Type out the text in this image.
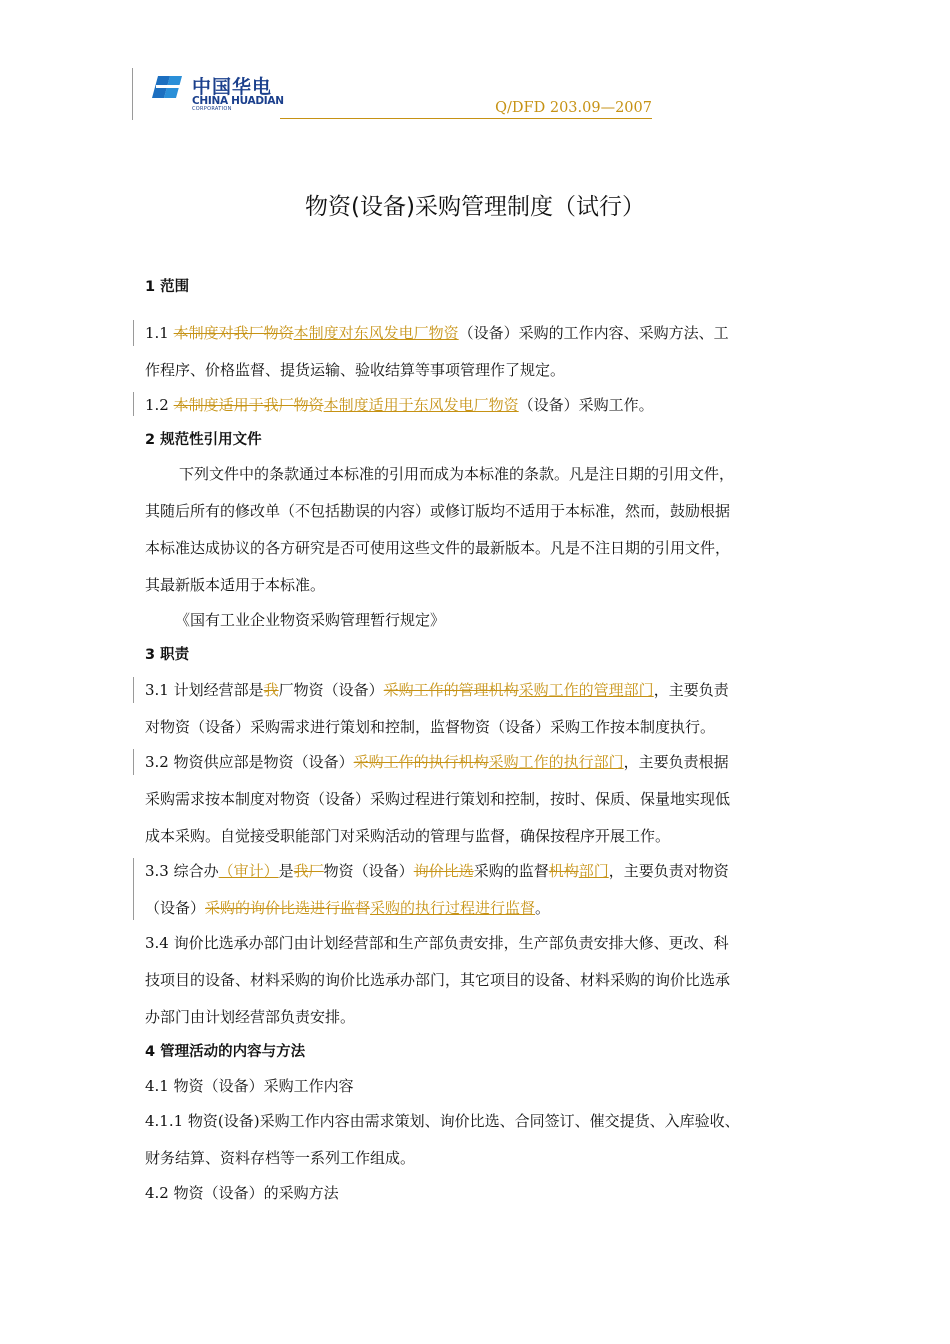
中国华电
CHINA HUADIAN
CORPORATION	Q/DFD 203.09—2007
物资(设备)采购管理制度（试行）
1 范围
1.1 本制度对我厂物资本制度对东风发电厂物资（设备）采购的工作内容、采购方法、工
作程序、价格监督、提货运输、验收结算等事项管理作了规定。
1.2 本制度适用于我厂物资本制度适用于东风发电厂物资（设备）采购工作。
2 规范性引用文件
下列文件中的条款通过本标准的引用而成为本标准的条款。凡是注日期的引用文件，
其随后所有的修改单（不包括勘误的内容）或修订版均不适用于本标准，然而，鼓励根据
本标准达成协议的各方研究是否可使用这些文件的最新版本。凡是不注日期的引用文件，
其最新版本适用于本标准。
《国有工业企业物资采购管理暂行规定》
3 职责
3.1 计划经营部是我厂物资（设备）采购工作的管理机构采购工作的管理部门，主要负责
对物资（设备）采购需求进行策划和控制，监督物资（设备）采购工作按本制度执行。
3.2 物资供应部是物资（设备）采购工作的执行机构采购工作的执行部门，主要负责根据
采购需求按本制度对物资（设备）采购过程进行策划和控制，按时、保质、保量地实现低
成本采购。自觉接受职能部门对采购活动的管理与监督，确保按程序开展工作。
3.3 综合办（审计）是我厂物资（设备）询价比选采购的监督机构部门，主要负责对物资
（设备）采购的询价比选进行监督采购的执行过程进行监督。
3.4 询价比选承办部门由计划经营部和生产部负责安排，生产部负责安排大修、更改、科
技项目的设备、材料采购的询价比选承办部门，其它项目的设备、材料采购的询价比选承
办部门由计划经营部负责安排。
4 管理活动的内容与方法
4.1 物资（设备）采购工作内容
4.1.1 物资(设备)采购工作内容由需求策划、询价比选、合同签订、催交提货、入库验收、
财务结算、资料存档等一系列工作组成。
4.2 物资（设备）的采购方法
